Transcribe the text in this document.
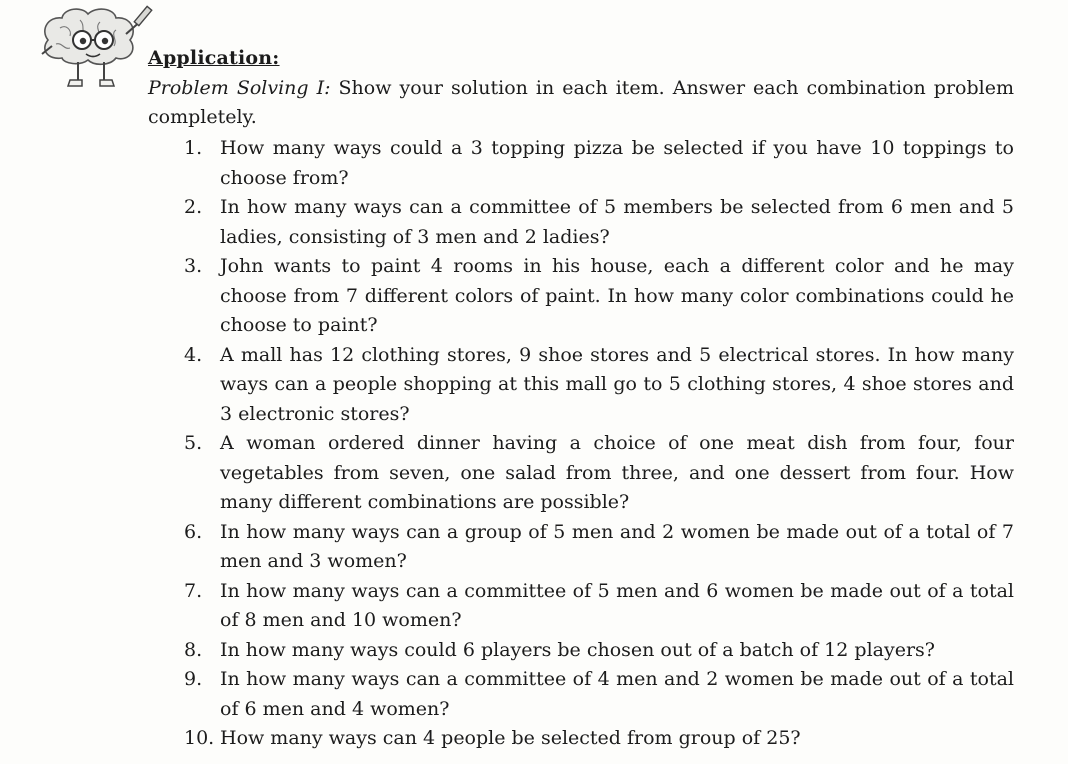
Application:

Problem Solving I: Show your solution in each item. Answer each combination problem completely.

1. How many ways could a 3 topping pizza be selected if you have 10 toppings to choose from?
2. In how many ways can a committee of 5 members be selected from 6 men and 5 ladies, consisting of 3 men and 2 ladies?
3. John wants to paint 4 rooms in his house, each a different color and he may choose from 7 different colors of paint. In how many color combinations could he choose to paint?
4. A mall has 12 clothing stores, 9 shoe stores and 5 electrical stores. In how many ways can a people shopping at this mall go to 5 clothing stores, 4 shoe stores and 3 electronic stores?
5. A woman ordered dinner having a choice of one meat dish from four, four vegetables from seven, one salad from three, and one dessert from four. How many different combinations are possible?
6. In how many ways can a group of 5 men and 2 women be made out of a total of 7 men and 3 women?
7. In how many ways can a committee of 5 men and 6 women be made out of a total of 8 men and 10 women?
8. In how many ways could 6 players be chosen out of a batch of 12 players?
9. In how many ways can a committee of 4 men and 2 women be made out of a total of 6 men and 4 women?
10. How many ways can 4 people be selected from group of 25?
